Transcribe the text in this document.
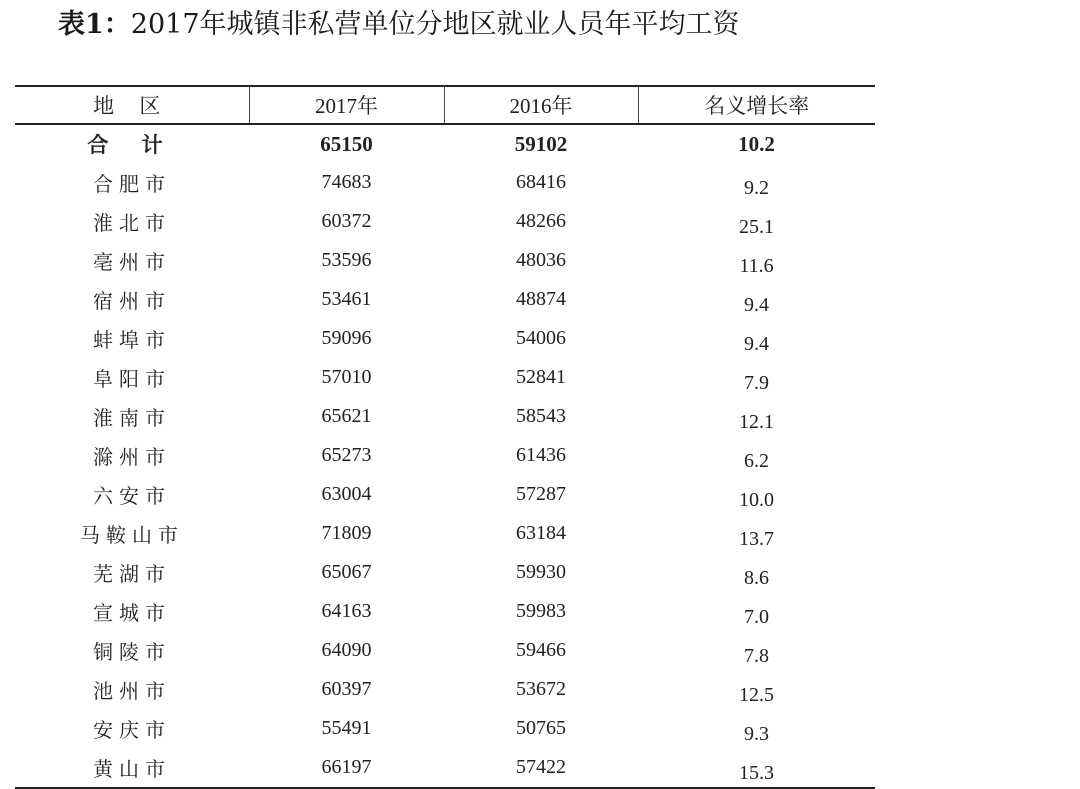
表1：2017年城镇非私营单位分地区就业人员年平均工资
地 区	2017年	2016年	名义增长率
合 计	65150	59102	10.2
合肥市	74683	68416	9.2
淮北市	60372	48266	25.1
亳州市	53596	48036	11.6
宿州市	53461	48874	9.4
蚌埠市	59096	54006	9.4
阜阳市	57010	52841	7.9
淮南市	65621	58543	12.1
滁州市	65273	61436	6.2
六安市	63004	57287	10.0
马鞍山市	71809	63184	13.7
芜湖市	65067	59930	8.6
宣城市	64163	59983	7.0
铜陵市	64090	59466	7.8
池州市	60397	53672	12.5
安庆市	55491	50765	9.3
黄山市	66197	57422	15.3
